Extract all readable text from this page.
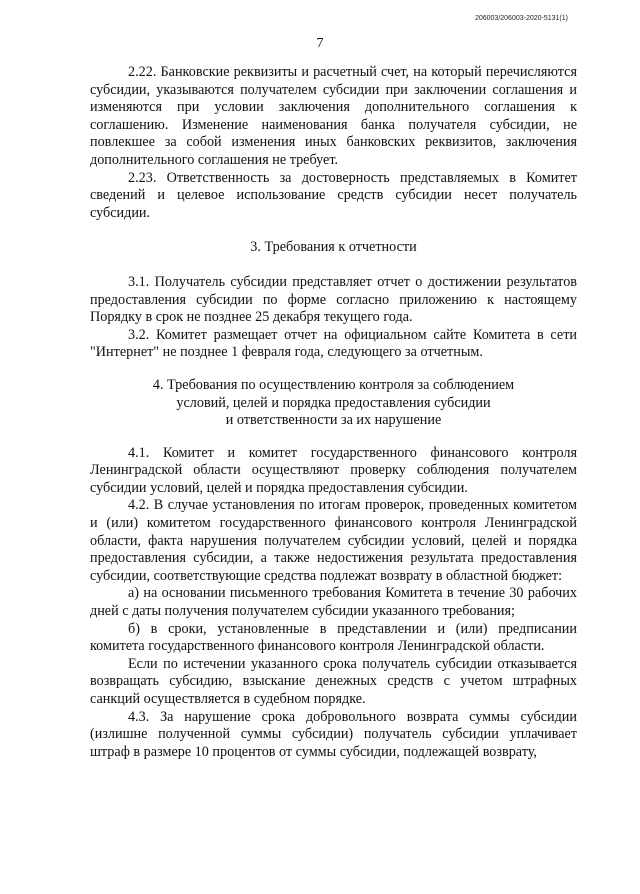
206003/206003-2020-5131(1)
7

2.22. Банковские реквизиты и расчетный счет, на который перечисляются субсидии, указываются получателем субсидии при заключении соглашения и изменяются при условии заключения дополнительного соглашения к соглашению. Изменение наименования банка получателя субсидии, не повлекшее за собой изменения иных банковских реквизитов, заключения дополнительного соглашения не требует.

2.23. Ответственность за достоверность представляемых в Комитет сведений и целевое использование средств субсидии несет получатель субсидии.

3. Требования к отчетности

3.1. Получатель субсидии представляет отчет о достижении результатов предоставления субсидии по форме согласно приложению к настоящему Порядку в срок не позднее 25 декабря текущего года.

3.2. Комитет размещает отчет на официальном сайте Комитета в сети "Интернет" не позднее 1 февраля года, следующего за отчетным.

4. Требования по осуществлению контроля за соблюдением

условий, целей и порядка предоставления субсидии

и ответственности за их нарушение

4.1. Комитет и комитет государственного финансового контроля Ленинградской области осуществляют проверку соблюдения получателем субсидии условий, целей и порядка предоставления субсидии.

4.2. В случае установления по итогам проверок, проведенных комитетом и (или) комитетом государственного финансового контроля Ленинградской области, факта нарушения получателем субсидии условий, целей и порядка предоставления субсидии, а также недостижения результата предоставления субсидии, соответствующие средства подлежат возврату в областной бюджет:

а) на основании письменного требования Комитета в течение 30 рабочих дней с даты получения получателем субсидии указанного требования;

б) в сроки, установленные в представлении и (или) предписании комитета государственного финансового контроля Ленинградской области.

Если по истечении указанного срока получатель субсидии отказывается возвращать субсидию, взыскание денежных средств с учетом штрафных санкций осуществляется в судебном порядке.

4.3. За нарушение срока добровольного возврата суммы субсидии (излишне полученной суммы субсидии) получатель субсидии уплачивает штраф в размере 10 процентов от суммы субсидии, подлежащей возврату,
